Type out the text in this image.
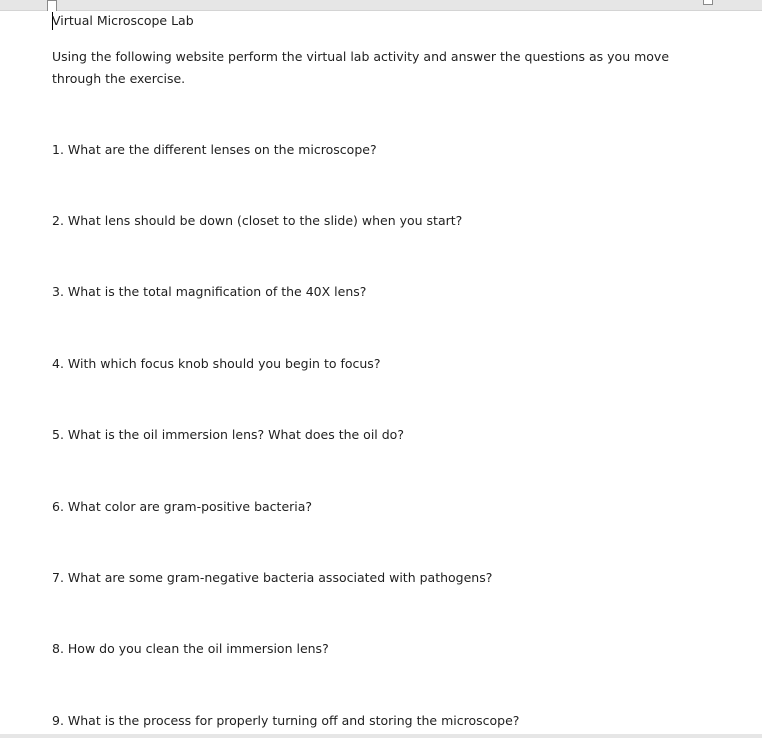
Virtual Microscope Lab
Using the following website perform the virtual lab activity and answer the questions as you move through the exercise.
1. What are the different lenses on the microscope?
2. What lens should be down (closet to the slide) when you start?
3. What is the total magnification of the 40X lens?
4. With which focus knob should you begin to focus?
5. What is the oil immersion lens? What does the oil do?
6. What color are gram-positive bacteria?
7. What are some gram-negative bacteria associated with pathogens?
8. How do you clean the oil immersion lens?
9. What is the process for properly turning off and storing the microscope?
